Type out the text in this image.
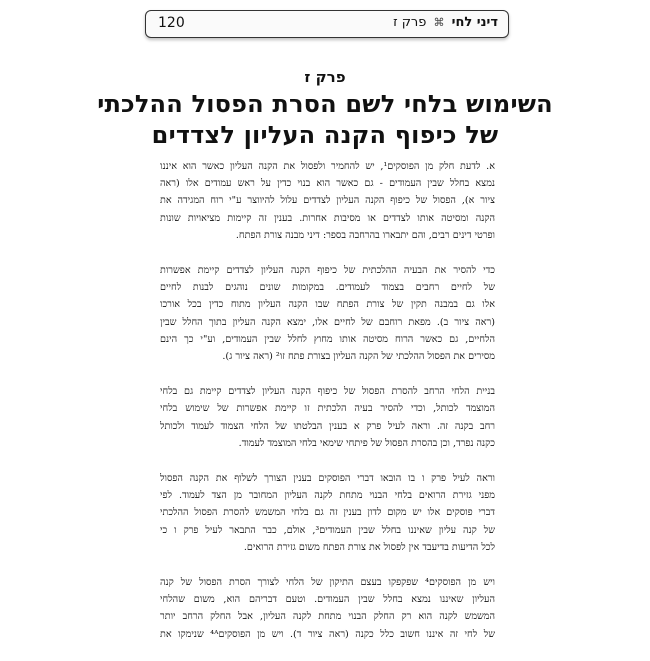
120	דיני לחי ⌘ פרק ז
פרק ז
השימוש בלחי לשם הסרת הפסול ההלכתי
של כיפוף הקנה העליון לצדדים
א. לדעת חלק מן הפוסקים¹, יש להחמיר ולפסול את הקנה העליון כאשר הוא איננו
נמצא בחלל שבין העמודים - גם כאשר הוא בנוי כדין על ראש עמודים אלו (ראה
ציור א), הפסול של כיפוף הקנה העליון לצדדים עלול להיווצר ע"י רוח המגידה את
הקנה ומסיטה אותו לצדדים או מסיבות אחרות. בענין זה קיימות מציאויות שונות
ופרטי דינים רבים, והם יתבארו בהרחבה בספר: דיני מבנה צורת הפתח.
כדי להסיר את הבעיה ההלכתית של כיפוף הקנה העליון לצדדים קיימת אפשרות
של לחיים רחבים בצמוד לעמודים. במקומות שונים נוהגים לבנות לחיים
אלו גם במבנה תקין של צורת הפתח שבו הקנה העליון מתוח כדין בכל אורכו
(ראה ציור ב). מפאת רוחבם של לחיים אלו, ימצא הקנה העליון בתוך החלל שבין
הלחיים, גם כאשר הרוח מסיטה אותו מחוץ לחלל שבין העמודים, וע"י כך הינם
מסירים את הפסול ההלכתי של הקנה העליון בצורת פתח זו² (ראה ציור ג).
בניית הלחי הרחב להסרת הפסול של כיפוף הקנה העליון לצדדים קיימת גם בלחי
המוצמד לכותל, וכדי להסיר בעיה הלכתית זו קיימת אפשרות של שימוש בלחי
רחב בקנה זה. וראה לעיל פרק א בענין הבלטתו של הלחי הצמוד לעמוד ולכותל
כקנה נפרד, וכן בהסרת הפסול של פיתחי שימאי בלחי המוצמד לעמוד.
וראה לעיל פרק ו בו הובאו דברי הפוסקים בענין הצורך לשלוף את הקנה הפסול
מפני גזירת הרואים בלחי הבנוי מתחת לקנה העליון המחובר מן הצד לעמוד. לפי
דברי פוסקים אלו יש מקום לדון בענין זה גם בלחי המשמש להסרת הפסול ההלכתי
של קנה עליון שאיננו בחלל שבין העמודים³, אולם, כבר התבאר לעיל פרק ו כי
לכל הדיעות בדיעבד אין לפסול את צורת הפתח משום גזירת הרואים.
ויש מן הפוסקים⁴ שפקפקו בעצם התיקון של הלחי לצורך הסרת הפסול של קנה
העליון שאיננו נמצא בחלל שבין העמודים. וטעם דבריהם הוא, משום שהלחי
המשמש לקנה הוא רק החלק הבנוי מתחת לקנה העליון, אבל החלק הרחב יותר
של לחי זה איננו חשוב כלל כקנה (ראה ציור ד). ויש מן הפוסקים⁴ᴬ שנימקו את
